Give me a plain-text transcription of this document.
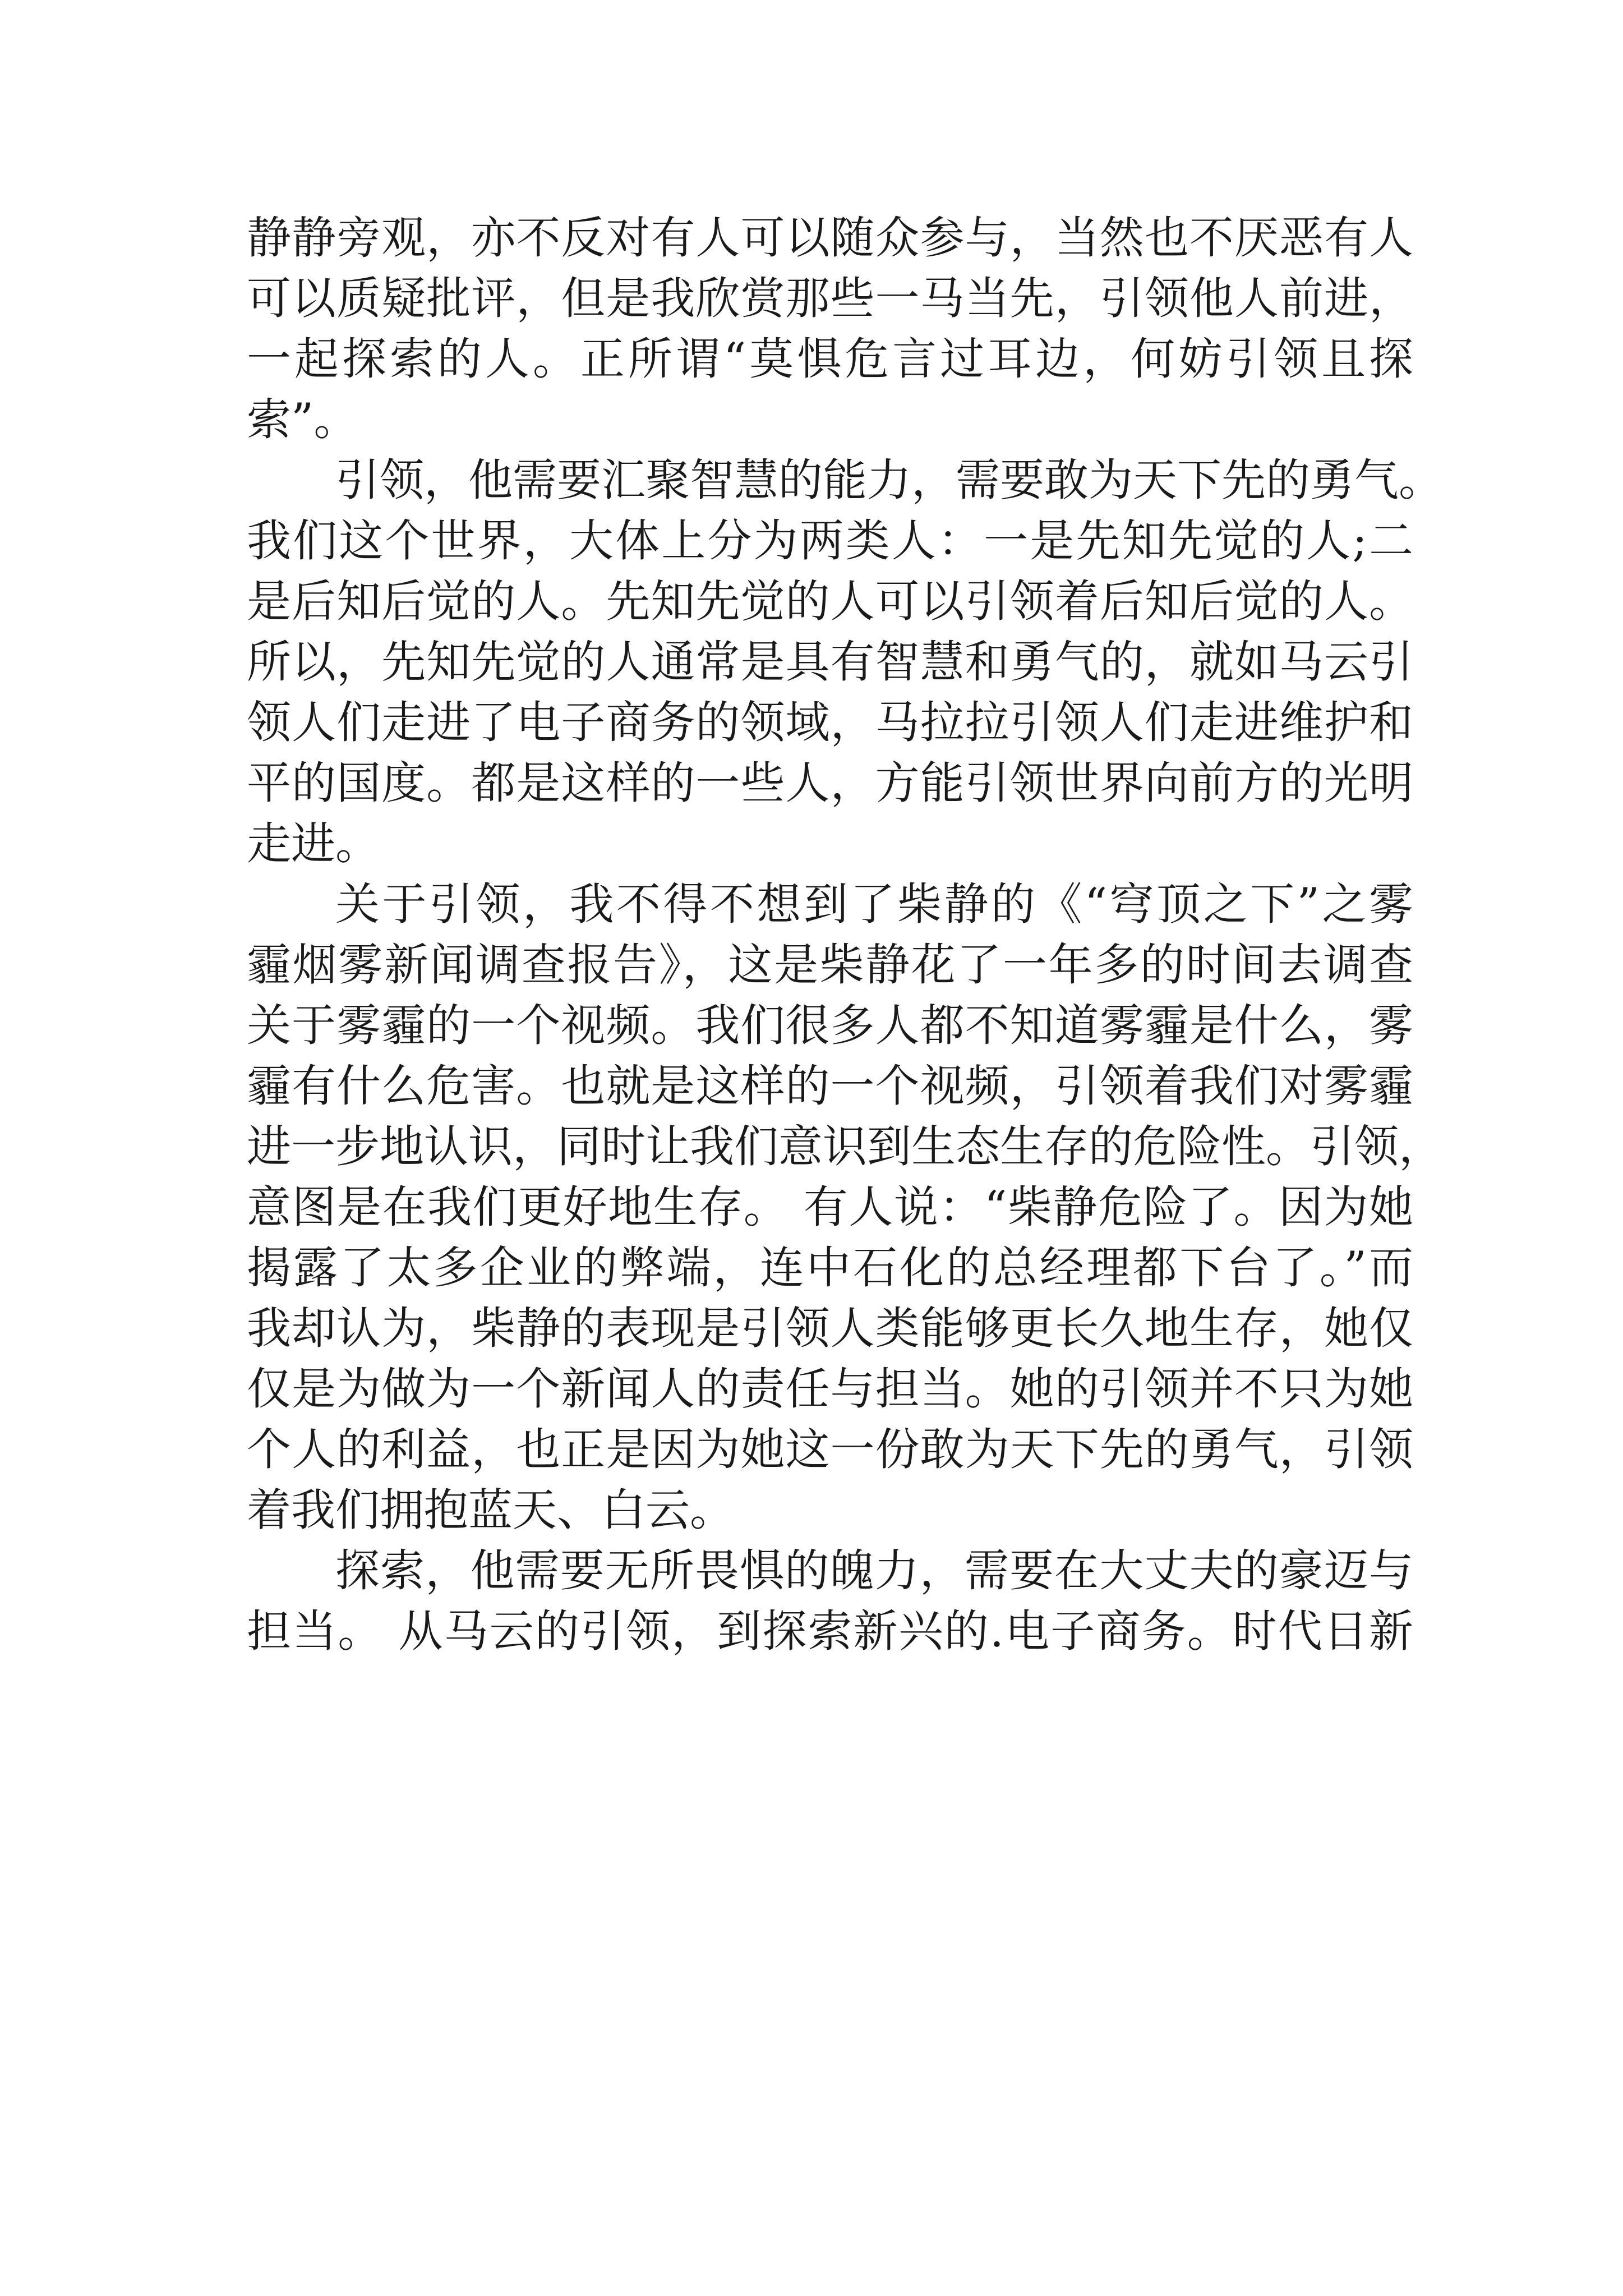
静静旁观，亦不反对有人可以随众参与，当然也不厌恶有人
可以质疑批评，但是我欣赏那些一马当先，引领他人前进，
一起探索的人。正所谓“莫惧危言过耳边，何妨引领且探
索”。
引领，他需要汇聚智慧的能力，需要敢为天下先的勇气。
我们这个世界，大体上分为两类人：一是先知先觉的人;二
是后知后觉的人。先知先觉的人可以引领着后知后觉的人。
所以，先知先觉的人通常是具有智慧和勇气的，就如马云引
领人们走进了电子商务的领域，马拉拉引领人们走进维护和
平的国度。都是这样的一些人，方能引领世界向前方的光明
走进。
关于引领，我不得不想到了柴静的《“穹顶之下”之雾
霾烟雾新闻调查报告》，这是柴静花了一年多的时间去调查
关于雾霾的一个视频。我们很多人都不知道雾霾是什么，雾
霾有什么危害。也就是这样的一个视频，引领着我们对雾霾
进一步地认识，同时让我们意识到生态生存的危险性。引领，
意图是在我们更好地生存。 有人说：“柴静危险了。因为她
揭露了太多企业的弊端，连中石化的总经理都下台了。”而
我却认为，柴静的表现是引领人类能够更长久地生存，她仅
仅是为做为一个新闻人的责任与担当。她的引领并不只为她
个人的利益，也正是因为她这一份敢为天下先的勇气，引领
着我们拥抱蓝天、白云。
探索，他需要无所畏惧的魄力，需要在大丈夫的豪迈与
担当。 从马云的引领，到探索新兴的.电子商务。时代日新
